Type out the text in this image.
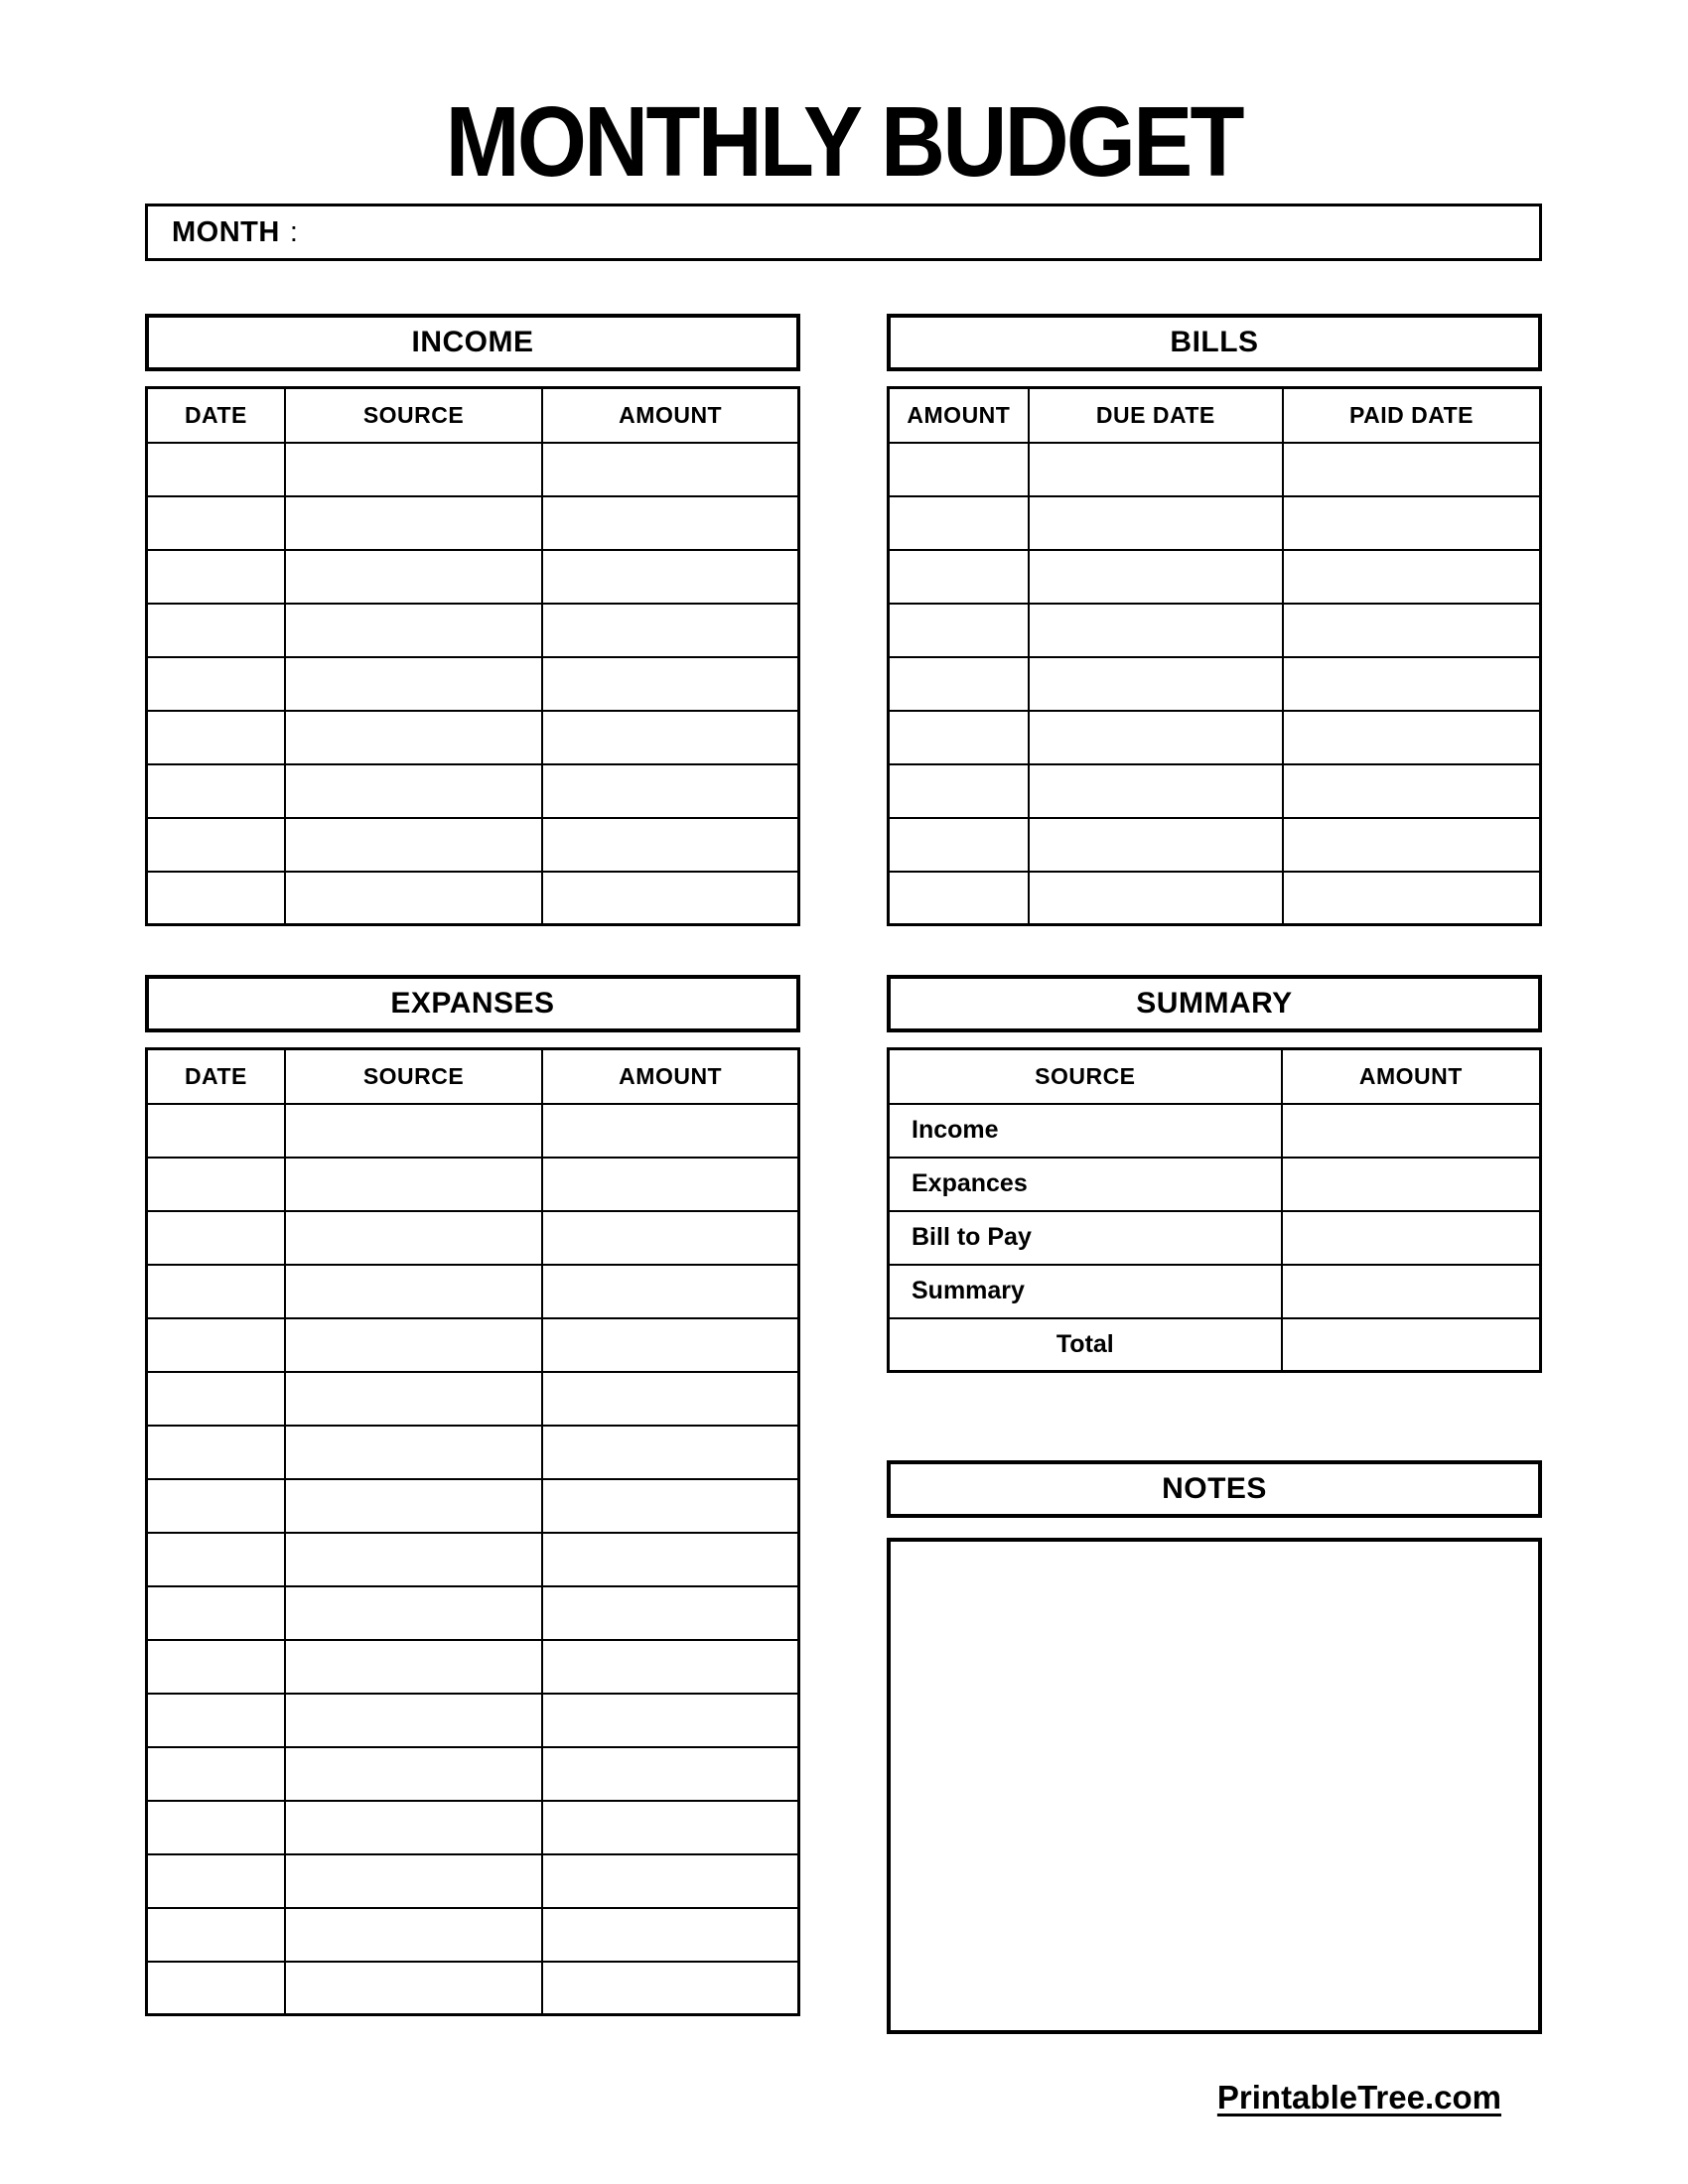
MONTHLY BUDGET
MONTH :
INCOME
DATE	SOURCE	AMOUNT

EXPANSES
DATE	SOURCE	AMOUNT

BILLS
AMOUNT	DUE DATE	PAID DATE

SUMMARY
SOURCE	AMOUNT
Income	
Expances	
Bill to Pay	
Summary	
Total	
NOTES
PrintableTree.com
